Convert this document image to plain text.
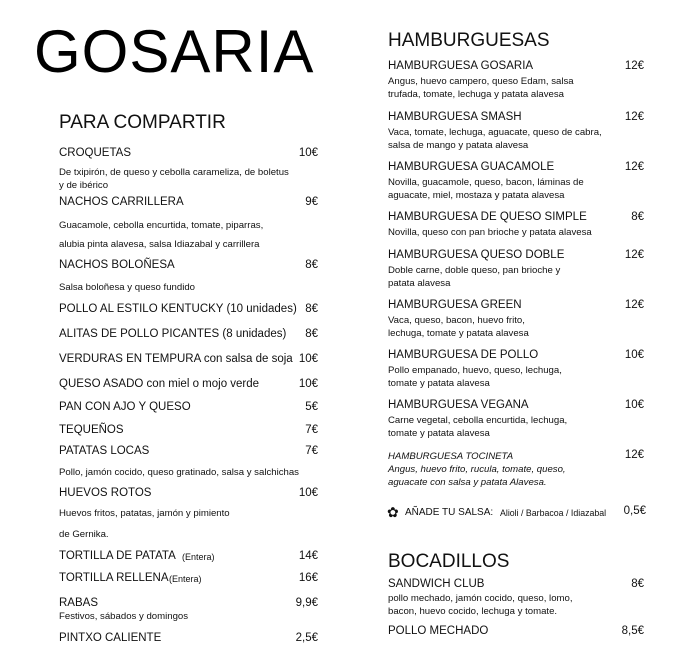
GOSARIA
PARA COMPARTIR
CROQUETAS	10€
De txipirón, de queso y cebolla carameliza, de boletus
y de ibérico
NACHOS CARRILLERA	9€
Guacamole, cebolla encurtida, tomate, piparras,
alubia pinta alavesa, salsa Idiazabal y carrillera
NACHOS BOLOÑESA	8€
Salsa boloñesa y queso fundido
POLLO AL ESTILO KENTUCKY (10 unidades) 8€
ALITAS DE POLLO PICANTES (8 unidades)	8€
VERDURAS EN TEMPURA con salsa de soja 10€
QUESO ASADO con miel o mojo verde	10€
PAN CON AJO Y QUESO	5€
TEQUEÑOS	7€
PATATAS LOCAS	7€
Pollo, jamón cocido, queso gratinado, salsa y salchichas
HUEVOS ROTOS	10€
Huevos fritos, patatas, jamón y pimiento
de Gernika.
TORTILLA DE PATATA (Entera)	14€
TORTILLA RELLENA (Entera)	16€
RABAS	9,9€
Festivos, sábados y domingos
PINTXO CALIENTE	2,5€
HAMBURGUESAS
HAMBURGUESA GOSARIA	12€
Angus, huevo campero, queso Edam, salsa
trufada, tomate, lechuga y patata alavesa
HAMBURGUESA SMASH	12€
Vaca, tomate, lechuga, aguacate, queso de cabra,
salsa de mango y patata alavesa
HAMBURGUESA GUACAMOLE	12€
Novilla, guacamole, queso, bacon, láminas de
aguacate, miel, mostaza y patata alavesa
HAMBURGUESA DE QUESO SIMPLE	8€
Novilla, queso con pan brioche y patata alavesa
HAMBURGUESA QUESO DOBLE	12€
Doble carne, doble queso, pan brioche y
patata alavesa
HAMBURGUESA GREEN	12€
Vaca, queso, bacon, huevo frito,
lechuga, tomate y patata alavesa
HAMBURGUESA DE POLLO	10€
Pollo empanado, huevo, queso, lechuga,
tomate y patata alavesa
HAMBURGUESA VEGANA	10€
Carne vegetal, cebolla encurtida, lechuga,
tomate y patata alavesa
HAMBURGUESA TOCINETA	12€
Angus, huevo frito, rucula, tomate, queso,
aguacate con salsa y patata Alavesa.
✿ AÑADE TU SALSA: Alioli / Barbacoa / Idiazabal	0,5€
BOCADILLOS
SANDWICH CLUB	8€
pollo mechado, jamón cocido, queso, lomo,
bacon, huevo cocido, lechuga y tomate.
POLLO MECHADO	8,5€
